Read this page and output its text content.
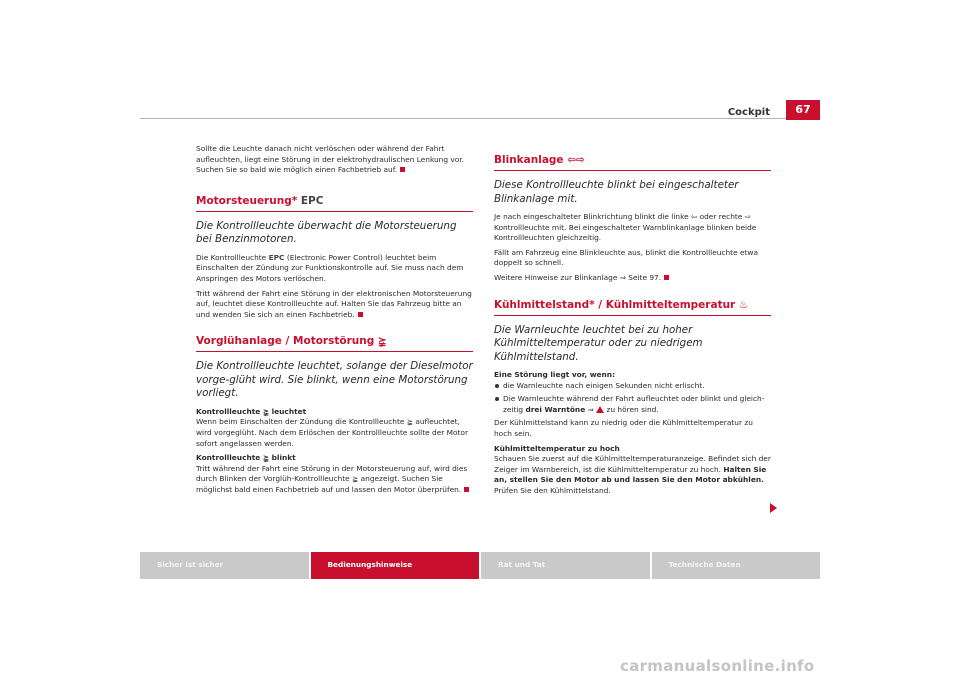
Cockpit	67

Sollte die Leuchte danach nicht verlöschen oder während der Fahrt aufleuchten, liegt eine Störung in der elektrohydraulischen Lenkung vor. Suchen Sie so bald wie möglich einen Fachbetrieb auf.

Motorsteuerung* EPC
Die Kontrollleuchte überwacht die Motorsteuerung bei Benzinmotoren.

Die Kontrollleuchte EPC (Electronic Power Control) leuchtet beim Einschalten der Zündung zur Funktionskontrolle auf. Sie muss nach dem Anspringen des Motors verlöschen.

Tritt während der Fahrt eine Störung in der elektronischen Motorsteuerung auf, leuchtet diese Kontrollleuchte auf. Halten Sie das Fahrzeug bitte an und wenden Sie sich an einen Fachbetrieb.

Vorglühanlage / Motorstörung ⪶
Die Kontrollleuchte leuchtet, solange der Dieselmotor vorge-glüht wird. Sie blinkt, wenn eine Motorstörung vorliegt.

Kontrollleuchte ⪶ leuchtet

Wenn beim Einschalten der Zündung die Kontrollleuchte ⪶ aufleuchtet, wird vorgeglüht. Nach dem Erlöschen der Kontrollleuchte sollte der Motor sofort angelassen werden.

Kontrollleuchte ⪶ blinkt

Tritt während der Fahrt eine Störung in der Motorsteuerung auf, wird dies durch Blinken der Vorglüh-Kontrollleuchte ⪶ angezeigt. Suchen Sie möglichst bald einen Fachbetrieb auf und lassen den Motor überprüfen.

Blinkanlage ⇦⇨
Diese Kontrollleuchte blinkt bei eingeschalteter Blinkanlage mit.

Je nach eingeschalteter Blinkrichtung blinkt die linke ⇦ oder rechte ⇨ Kontrollleuchte mit. Bei eingeschalteter Warnblinkanlage blinken beide Kontrollleuchten gleichzeitig.

Fällt am Fahrzeug eine Blinkleuchte aus, blinkt die Kontrollleuchte etwa doppelt so schnell.

Weitere Hinweise zur Blinkanlage ⇒ Seite 97.

Kühlmittelstand* / Kühlmitteltemperatur ♨
Die Warnleuchte leuchtet bei zu hoher Kühlmitteltemperatur oder zu niedrigem Kühlmittelstand.

Eine Störung liegt vor, wenn:

die Warnleuchte nach einigen Sekunden nicht erlischt.

Die Warnleuchte während der Fahrt aufleuchtet oder blinkt und gleich-zeitig drei Warntöne ⇒ zu hören sind.

Der Kühlmittelstand kann zu niedrig oder die Kühlmitteltemperatur zu hoch sein.

Kühlmitteltemperatur zu hoch

Schauen Sie zuerst auf die Kühlmitteltemperaturanzeige. Befindet sich der Zeiger im Warnbereich, ist die Kühlmitteltemperatur zu hoch. Halten Sie an, stellen Sie den Motor ab und lassen Sie den Motor abkühlen. Prüfen Sie den Kühlmittelstand.

Sicher ist sicher	Bedienungshinweise	Rat und Tat	Technische Daten
carmanualsonline.info
